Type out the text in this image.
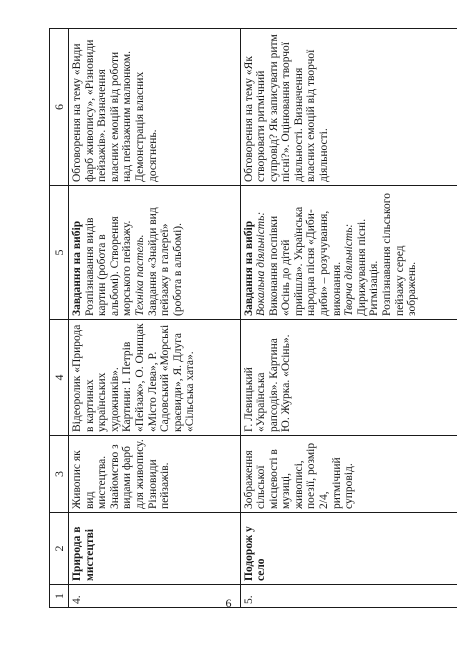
1	2	3	4	5	6
4.	Природа в мистецтві	Живопис як вид мистецтва. Знайомство з видами фарб для живопису. Різновиди пейзажів.	Відеоролик «Природа в картинах українських художників». Картини: І. Петрів «Пейзаж», О. Онищак «Місто Лева», Р. Садовський «Морські краєвиди», Я. Длуга «Сільська хата».	Завдання на вибір Розпізнавання видів картин (робота в альбомі). Створення морського пейзажу. Техніка пастель. Завдання «Знайди вид пейзажу в галереї» (робота в альбомі).	Обговорення на тему «Види фарб живопису», «Різновиди пейзажів». Визначення власних емоцій від роботи над пейзажним малюнком. Демонстрація власних досягнень.
5.	Подорож у село	Зображення сільської місцевості в музиці, живописі, поезії, розмір 2/4, ритмічний супровід.	Г. Левицький «Українська рапсодія». Картина Ю. Журка. «Осінь».	Завдання на вибір Вокальна діяльність: Виконання поспівки «Осінь до дітей прийшла». Українська народна пісня «Диби-диби» – розучування, виконання. Творча діяльність: Дирижування пісні. Ритмізація. Розпізнавання сільського пейзажу серед зображень.	Обговорення на тему «Як створювати ритмічний супровід? Як записувати ритм пісні?». Оцінювання творчої діяльності. Визначення власних емоцій від творчої діяльності.
6
